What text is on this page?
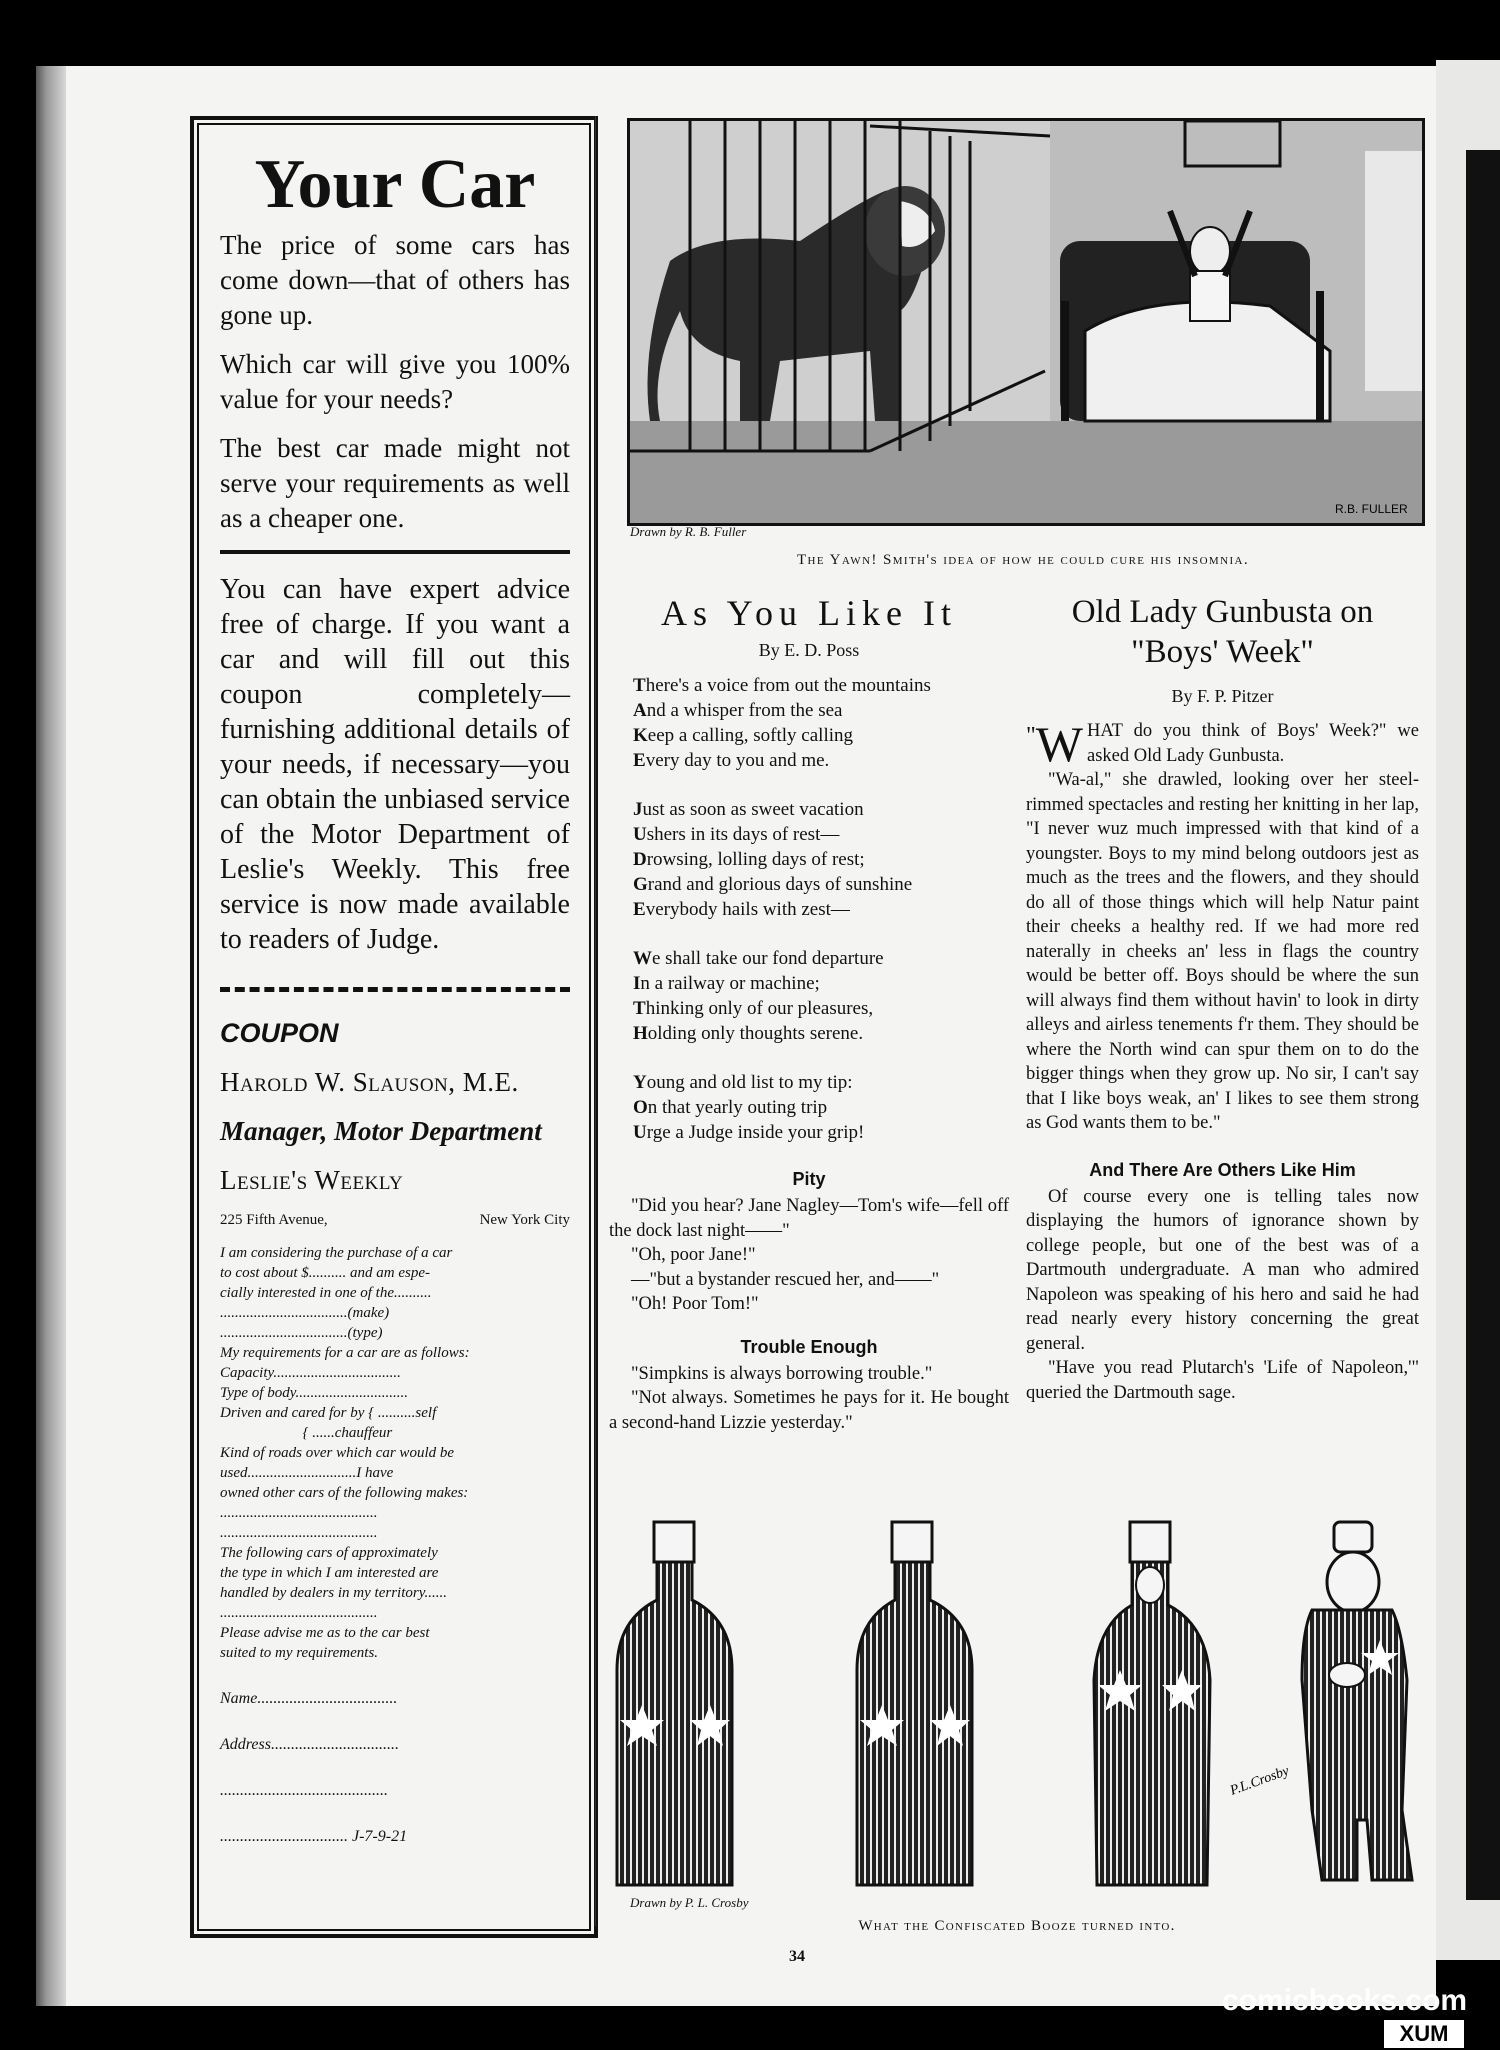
Your Car

The price of some cars has come down—that of others has gone up.

Which car will give you 100% value for your needs?

The best car made might not serve your requirements as well as a cheaper one.

You can have expert advice free of charge. If you want a car and will fill out this coupon completely—furnishing additional details of your needs, if necessary—you can obtain the unbiased service of the Motor Department of Leslie's Weekly. This free service is now made available to readers of Judge.

COUPON

Harold W. Slauson, M.E.

Manager, Motor Department

Leslie's Weekly

225 Fifth Avenue,	New York City
I am considering the purchase of a car
to cost about $.......... and am espe-
cially interested in one of the..........
..................................(make)
..................................(type)
My requirements for a car are as follows:
Capacity..................................
Type of body..............................
Driven and cared for by { ..........self
{ ......chauffeur
Kind of roads over which car would be
used.............................I have
owned other cars of the following makes:
..........................................
..........................................
The following cars of approximately
the type in which I am interested are
handled by dealers in my territory......
..........................................
Please advise me as to the car best
suited to my requirements.
Name...................................
Address................................
..........................................
................................ J-7-9-21
R.B. FULLER
Drawn by R. B. Fuller
The Yawn! Smith's idea of how he could cure his insomnia.
As You Like It
By E. D. Poss
There's a voice from out the mountains
And a whisper from the sea
Keep a calling, softly calling
Every day to you and me.
Just as soon as sweet vacation
Ushers in its days of rest—
Drowsing, lolling days of rest;
Grand and glorious days of sunshine
Everybody hails with zest—
We shall take our fond departure
In a railway or machine;
Thinking only of our pleasures,
Holding only thoughts serene.
Young and old list to my tip:
On that yearly outing trip
Urge a Judge inside your grip!
Pity

"Did you hear? Jane Nagley—Tom's wife—fell off the dock last night——"

"Oh, poor Jane!"

—"but a bystander rescued her, and——"

"Oh! Poor Tom!"

Trouble Enough

"Simpkins is always borrowing trouble."

"Not always. Sometimes he pays for it. He bought a second-hand Lizzie yesterday."

Old Lady Gunbusta on
"Boys' Week"
By F. P. Pitzer

" W HAT do you think of Boys' Week?" we asked Old Lady Gunbusta.

"Wa-al," she drawled, looking over her steel-rimmed spectacles and resting her knitting in her lap, "I never wuz much impressed with that kind of a youngster. Boys to my mind belong outdoors jest as much as the trees and the flowers, and they should do all of those things which will help Natur paint their cheeks a healthy red. If we had more red naterally in cheeks an' less in flags the country would be better off. Boys should be where the sun will always find them without havin' to look in dirty alleys and airless tenements f'r them. They should be where the North wind can spur them on to do the bigger things when they grow up. No sir, I can't say that I like boys weak, an' I likes to see them strong as God wants them to be."

And There Are Others Like Him

Of course every one is telling tales now displaying the humors of ignorance shown by college people, but one of the best was of a Dartmouth undergraduate. A man who admired Napoleon was speaking of his hero and said he had read nearly every history concerning the great general.

"Have you read Plutarch's 'Life of Napoleon,'" queried the Dartmouth sage.

P.L.Crosby
Drawn by P. L. Crosby
What the Confiscated Booze turned into.
34
comicbooks.com
XUM
